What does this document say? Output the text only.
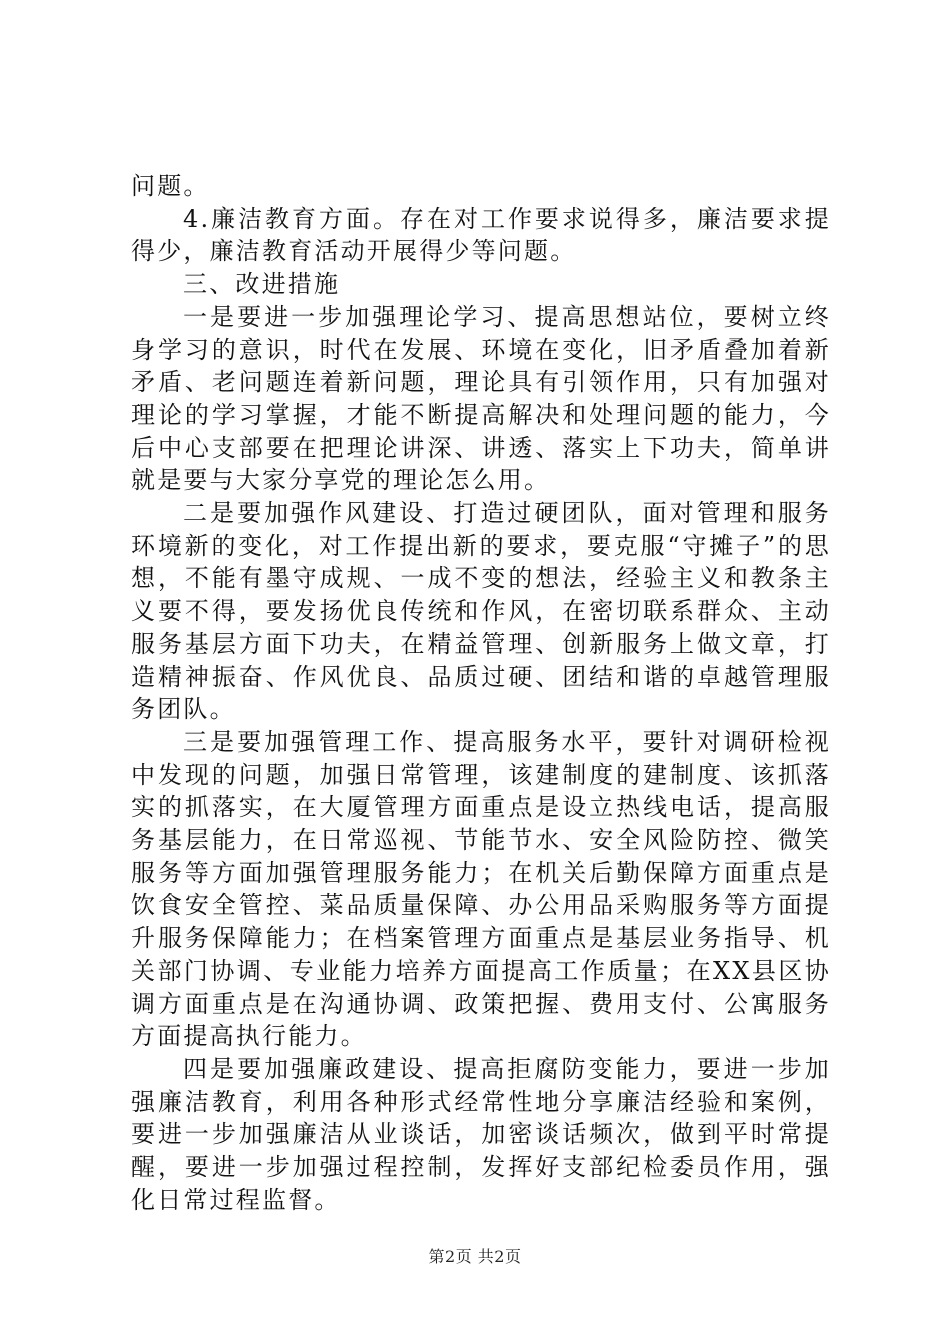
问题。

4.廉洁教育方面。存在对工作要求说得多，廉洁要求提得少，廉洁教育活动开展得少等问题。

三、改进措施

一是要进一步加强理论学习、提高思想站位，要树立终身学习的意识，时代在发展、环境在变化，旧矛盾叠加着新矛盾、老问题连着新问题，理论具有引领作用，只有加强对理论的学习掌握，才能不断提高解决和处理问题的能力，今后中心支部要在把理论讲深、讲透、落实上下功夫，简单讲就是要与大家分享党的理论怎么用。

二是要加强作风建设、打造过硬团队，面对管理和服务环境新的变化，对工作提出新的要求，要克服“守摊子”的思想，不能有墨守成规、一成不变的想法，经验主义和教条主义要不得，要发扬优良传统和作风，在密切联系群众、主动服务基层方面下功夫，在精益管理、创新服务上做文章，打造精神振奋、作风优良、品质过硬、团结和谐的卓越管理服务团队。

三是要加强管理工作、提高服务水平，要针对调研检视中发现的问题，加强日常管理，该建制度的建制度、该抓落实的抓落实，在大厦管理方面重点是设立热线电话，提高服务基层能力，在日常巡视、节能节水、安全风险防控、微笑服务等方面加强管理服务能力；在机关后勤保障方面重点是饮食安全管控、菜品质量保障、办公用品采购服务等方面提升服务保障能力；在档案管理方面重点是基层业务指导、机关部门协调、专业能力培养方面提高工作质量；在XX县区协调方面重点是在沟通协调、政策把握、费用支付、公寓服务方面提高执行能力。

四是要加强廉政建设、提高拒腐防变能力，要进一步加强廉洁教育，利用各种形式经常性地分享廉洁经验和案例，要进一步加强廉洁从业谈话，加密谈话频次，做到平时常提醒，要进一步加强过程控制，发挥好支部纪检委员作用，强化日常过程监督。

第2页 共2页
